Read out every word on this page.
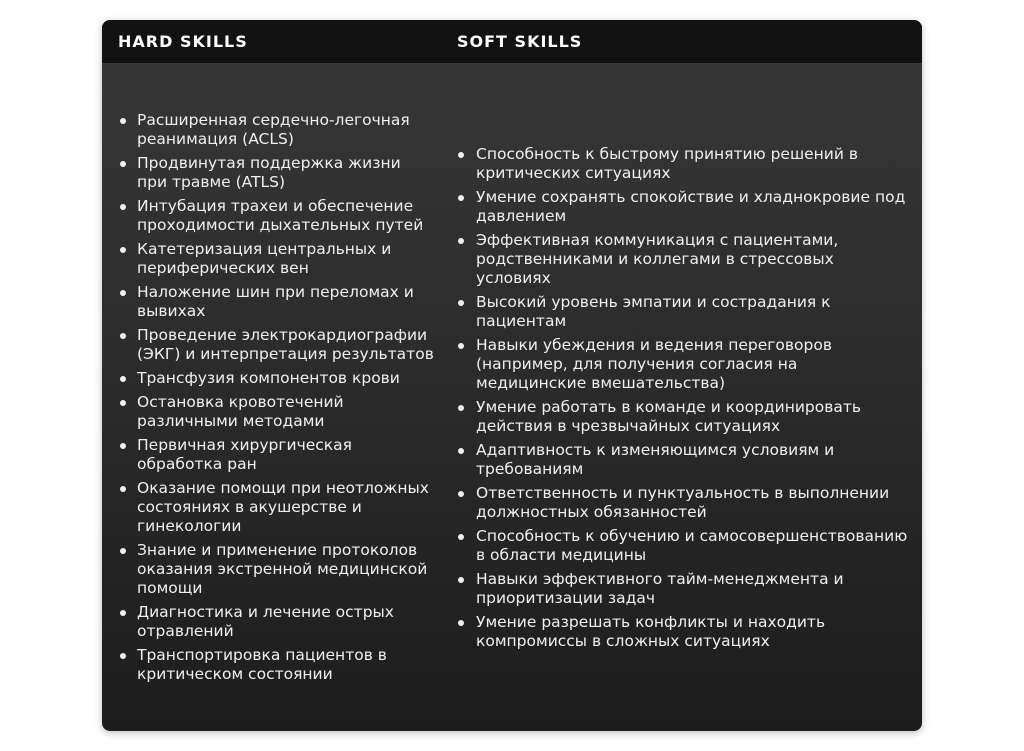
HARD SKILLS	SOFT SKILLS
Расширенная сердечно-легочная реанимация (ACLS)
Продвинутая поддержка жизни при травме (ATLS)
Интубация трахеи и обеспечение проходимости дыхательных путей
Катетеризация центральных и периферических вен
Наложение шин при переломах и вывихах
Проведение электрокардиографии (ЭКГ) и интерпретация результатов
Трансфузия компонентов крови
Остановка кровотечений различными методами
Первичная хирургическая обработка ран
Оказание помощи при неотложных состояниях в акушерстве и гинекологии
Знание и применение протоколов оказания экстренной медицинской помощи
Диагностика и лечение острых отравлений
Транспортировка пациентов в критическом состоянии
Способность к быстрому принятию решений в критических ситуациях
Умение сохранять спокойствие и хладнокровие под давлением
Эффективная коммуникация с пациентами, родственниками и коллегами в стрессовых условиях
Высокий уровень эмпатии и сострадания к пациентам
Навыки убеждения и ведения переговоров (например, для получения согласия на медицинские вмешательства)
Умение работать в команде и координировать действия в чрезвычайных ситуациях
Адаптивность к изменяющимся условиям и требованиям
Ответственность и пунктуальность в выполнении должностных обязанностей
Способность к обучению и самосовершенствованию в области медицины
Навыки эффективного тайм-менеджмента и приоритизации задач
Умение разрешать конфликты и находить компромиссы в сложных ситуациях
